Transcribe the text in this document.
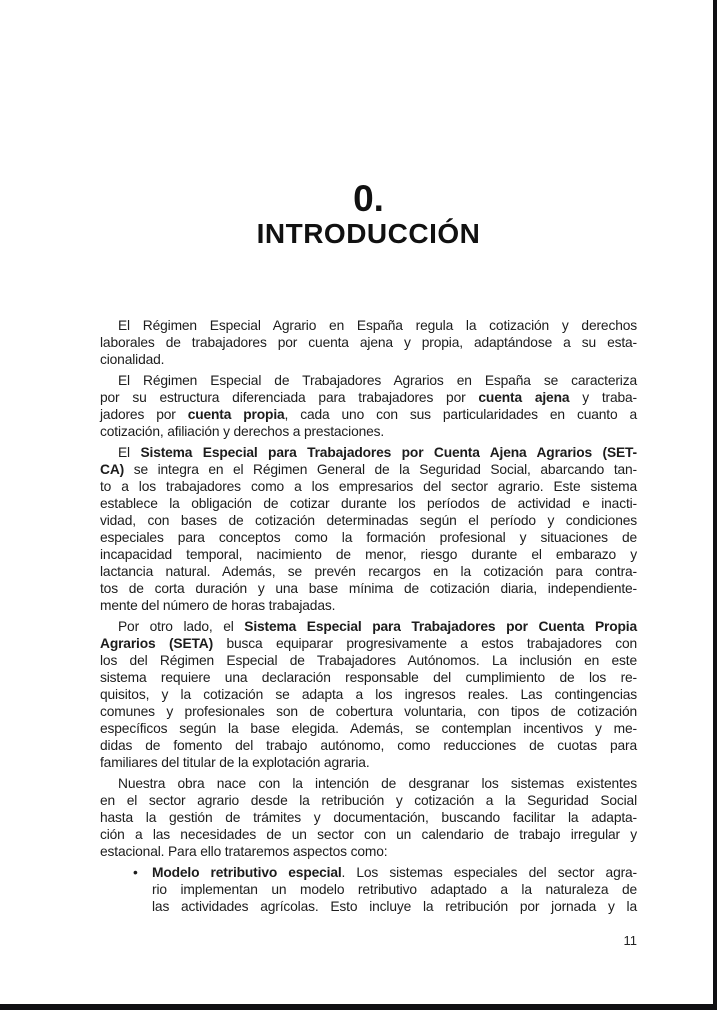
0.
INTRODUCCIÓN
El Régimen Especial Agrario en España regula la cotización y derechos
laborales de trabajadores por cuenta ajena y propia, adaptándose a su esta-
cionalidad.
El Régimen Especial de Trabajadores Agrarios en España se caracteriza
por su estructura diferenciada para trabajadores por cuenta ajena y traba-
jadores por cuenta propia, cada uno con sus particularidades en cuanto a
cotización, afiliación y derechos a prestaciones.
El Sistema Especial para Trabajadores por Cuenta Ajena Agrarios (SET-
CA) se integra en el Régimen General de la Seguridad Social, abarcando tan-
to a los trabajadores como a los empresarios del sector agrario. Este sistema
establece la obligación de cotizar durante los períodos de actividad e inacti-
vidad, con bases de cotización determinadas según el período y condiciones
especiales para conceptos como la formación profesional y situaciones de
incapacidad temporal, nacimiento de menor, riesgo durante el embarazo y
lactancia natural. Además, se prevén recargos en la cotización para contra-
tos de corta duración y una base mínima de cotización diaria, independiente-
mente del número de horas trabajadas.
Por otro lado, el Sistema Especial para Trabajadores por Cuenta Propia
Agrarios (SETA) busca equiparar progresivamente a estos trabajadores con
los del Régimen Especial de Trabajadores Autónomos. La inclusión en este
sistema requiere una declaración responsable del cumplimiento de los re-
quisitos, y la cotización se adapta a los ingresos reales. Las contingencias
comunes y profesionales son de cobertura voluntaria, con tipos de cotización
específicos según la base elegida. Además, se contemplan incentivos y me-
didas de fomento del trabajo autónomo, como reducciones de cuotas para
familiares del titular de la explotación agraria.
Nuestra obra nace con la intención de desgranar los sistemas existentes
en el sector agrario desde la retribución y cotización a la Seguridad Social
hasta la gestión de trámites y documentación, buscando facilitar la adapta-
ción a las necesidades de un sector con un calendario de trabajo irregular y
estacional. Para ello trataremos aspectos como:
•	Modelo retributivo especial. Los sistemas especiales del sector agra-
rio implementan un modelo retributivo adaptado a la naturaleza de
las actividades agrícolas. Esto incluye la retribución por jornada y la
11
